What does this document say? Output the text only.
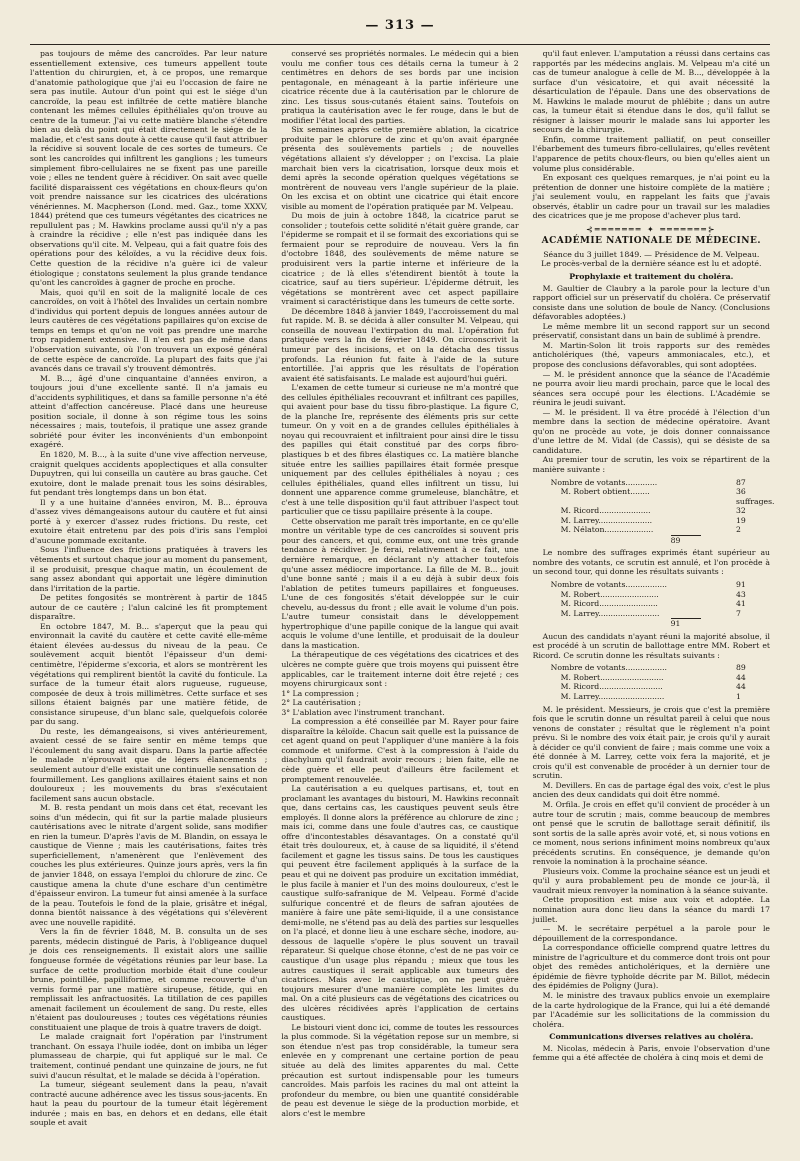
— 313 —

pas toujours de même des cancroïdes. Par leur nature essentiellement extensive, ces tumeurs appellent toute l'attention du chirurgien, et, à ce propos, une remarque d'anatomie pathologique que j'ai eu l'occasion de faire ne sera pas inutile. Autour d'un point qui est le siége d'un cancroïde, la peau est infiltrée de cette matière blanche contenant les mêmes cellules épithéliales qu'on trouve au centre de la tumeur. J'ai vu cette matière blanche s'étendre bien au delà du point qui était directement le siége de la maladie, et c'est sans doute à cette cause qu'il faut attribuer la récidive si souvent locale de ces sortes de tumeurs. Ce sont les cancroïdes qui infiltrent les ganglions ; les tumeurs simplement fibro-cellulaires ne se fixent pas une pareille voie ; elles ne tendent guère à récidiver. On sait avec quelle facilité disparaissent ces végétations en choux-fleurs qu'on voit prendre naissance sur les cicatrices des ulcérations vénériennes. M. Macpherson (Lond. med. Gaz., tome XXXV, 1844) prétend que ces tumeurs végétantes des cicatrices ne repullulent pas ; M. Hawkins proclame aussi qu'il n'y a pas à craindre la récidive ; elle n'est pas indiquée dans les observations qu'il cite. M. Velpeau, qui a fait quatre fois des opérations pour des kéloïdes, a vu la récidive deux fois. Cette question de la récidive n'a guère ici de valeur étiologique ; constatons seulement la plus grande tendance qu'ont les cancroïdes à gagner de proche en proche.

Mais, quoi qu'il en soit de la malignité locale de ces cancroïdes, on voit à l'hôtel des Invalides un certain nombre d'individus qui portent depuis de longues années autour de leurs cautères de ces végétations papillaires qu'on excise de temps en temps et qu'on ne voit pas prendre une marche trop rapidement extensive. Il n'en est pas de même dans l'observation suivante, où l'on trouvera un exposé général de cette espèce de cancroïde. La plupart des faits que j'ai avancés dans ce travail s'y trouvent démontrés.

M. B..., âgé d'une cinquantaine d'années environ, a toujours joui d'une excellente santé. Il n'a jamais eu d'accidents syphilitiques, et dans sa famille personne n'a été atteint d'affection cancéreuse. Placé dans une heureuse position sociale, il donne à son régime tous les soins nécessaires ; mais, toutefois, il pratique une assez grande sobriété pour éviter les inconvénients d'un embonpoint exagéré.

En 1820, M. B..., à la suite d'une vive affection nerveuse, craignit quelques accidents apoplectiques et alla consulter Dupuytren, qui lui conseilla un cautère au bras gauche. Cet exutoire, dont le malade prenait tous les soins désirables, fut pendant très longtemps dans un bon état.

Il y a une huitaine d'années environ, M. B... éprouva d'assez vives démangeaisons autour du cautère et fut ainsi porté à y exercer d'assez rudes frictions. Du reste, cet exutoire était entretenu par des pois d'iris sans l'emploi d'aucune pommade excitante.

Sous l'influence des frictions pratiquées à travers les vêtements et surtout chaque jour au moment du pansement, il se produisit, presque chaque matin, un écoulement de sang assez abondant qui apportait une légère diminution dans l'irritation de la partie.

De petites fongosités se montrèrent à partir de 1845 autour de ce cautère ; l'alun calciné les fit promptement disparaître.

En octobre 1847, M. B... s'aperçut que la peau qui environnait la cavité du cautère et cette cavité elle-même étaient élevées au-dessus du niveau de la peau. Ce soulèvement acquit bientôt l'épaisseur d'un demi-centimètre, l'épiderme s'excoria, et alors se montrèrent les végétations qui remplirent bientôt la cavité du fonticule. La surface de la tumeur était alors rugueuse, rugueuse, composée de deux à trois millimètres. Cette surface et ses sillons étaient baignés par une matière fétide, de consistance sirupeuse, d'un blanc sale, quelquefois colorée par du sang.

Du reste, les démangeaisons, si vives antérieurement, avaient cessé de se faire sentir en même temps que l'écoulement du sang avait disparu. Dans la partie affectée le malade n'éprouvait que de légers élancements ; seulement autour d'elle existait une continuelle sensation de fourmillement. Les ganglions axillaires étaient sains et non douloureux ; les mouvements du bras s'exécutaient facilement sans aucun obstacle.

M. B. resta pendant un mois dans cet état, recevant les soins d'un médecin, qui fit sur la partie malade plusieurs cautérisations avec le nitrate d'argent solide, sans modifier en rien la tumeur. D'après l'avis de M. Blandin, on essaya le caustique de Vienne ; mais les cautérisations, faites très superficiellement, n'amenèrent que l'enlèvement des couches les plus extérieures. Quinze jours après, vers la fin de janvier 1848, on essaya l'emploi du chlorure de zinc. Ce caustique amena la chute d'une eschare d'un centimètre d'épaisseur environ. La tumeur fut ainsi amenée à la surface de la peau. Toutefois le fond de la plaie, grisâtre et inégal, donna bientôt naissance à des végétations qui s'élevèrent avec une nouvelle rapidité.

Vers la fin de février 1848, M. B. consulta un de ses parents, médecin distingué de Paris, à l'obligeance duquel je dois ces renseignements. Il existait alors une saillie fongueuse formée de végétations réunies par leur base. La surface de cette production morbide était d'une couleur brune, pointillée, papilliforme, et comme recouverte d'un vernis formé par une matière sirupeuse, fétide, qui en remplissait les anfractuosités. La titillation de ces papilles amenait facilement un écoulement de sang. Du reste, elles n'étaient pas douloureuses ; toutes ces végétations réunies constituaient une plaque de trois à quatre travers de doigt.

Le malade craignait fort l'opération par l'instrument tranchant. On essaya l'huile iodée, dont on imbiba un léger plumasseau de charpie, qui fut appliqué sur le mal. Ce traitement, continué pendant une quinzaine de jours, ne fut suivi d'aucun résultat, et le malade se décida à l'opération.

La tumeur, siégeant seulement dans la peau, n'avait contracté aucune adhérence avec les tissus sous-jacents. En haut la peau du pourtour de la tumeur était légèrement indurée ; mais en bas, en dehors et en dedans, elle était souple et avait

conservé ses propriétés normales. Le médecin qui a bien voulu me confier tous ces détails cerna la tumeur à 2 centimètres en dehors de ses bords par une incision pentagonale, en ménageant à la partie inférieure une cicatrice récente due à la cautérisation par le chlorure de zinc. Les tissus sous-cutanés étaient sains. Toutefois on pratiqua la cautérisation avec le fer rouge, dans le but de modifier l'état local des parties.

Six semaines après cette première ablation, la cicatrice produite par le chlorure de zinc et qu'on avait épargnée présenta des soulèvements partiels ; de nouvelles végétations allaient s'y développer ; on l'excisa. La plaie marchait bien vers la cicatrisation, lorsque deux mois et demi après la seconde opération quelques végétations se montrèrent de nouveau vers l'angle supérieur de la plaie. On les excisa et on obtint une cicatrice qui était encore visible au moment de l'opération pratiquée par M. Velpeau.

Du mois de juin à octobre 1848, la cicatrice parut se consolider ; toutefois cette solidité n'était guère grande, car l'épiderme se rompait et il se formait des excoriations qui se fermaient pour se reproduire de nouveau. Vers la fin d'octobre 1848, des soulèvements de même nature se produisirent vers la partie interne et inférieure de la cicatrice ; de là elles s'étendirent bientôt à toute la cicatrice, sauf au tiers supérieur. L'épiderme détruit, les végétations se montrèrent avec cet aspect papillaire vraiment si caractéristique dans les tumeurs de cette sorte.

De décembre 1848 à janvier 1849, l'accroissement du mal fut rapide. M. B. se décida à aller consulter M. Velpeau, qui conseilla de nouveau l'extirpation du mal. L'opération fut pratiquée vers la fin de février 1849. On circonscrivit la tumeur par des incisions, et on la détacha des tissus profonds. La réunion fut faite à l'aide de la suture entortillée. J'ai appris que les résultats de l'opération avaient été satisfaisants. Le malade est aujourd'hui guéri.

L'examen de cette tumeur si curieuse ne m'a montré que des cellules épithéliales recouvrant et infiltrant ces papilles, qui avaient pour base du tissu fibro-plastique. La figure C, de la planche Ire, représente des éléments pris sur cette tumeur. On y voit en a de grandes cellules épithéliales à noyau qui recouvraient et infiltraient pour ainsi dire le tissu des papilles qui était constitué par des corps fibro-plastiques b et des fibres élastiques cc. La matière blanche située entre les saillies papillaires était formée presque uniquement par des cellules épithéliales à noyau ; ces cellules épithéliales, quand elles infiltrent un tissu, lui donnent une apparence comme grumeleuse, blanchâtre, et c'est à une telle disposition qu'il faut attribuer l'aspect tout particulier que ce tissu papillaire présente à la coupe.

Cette observation me paraît très importante, en ce qu'elle montre un véritable type de ces cancroïdes si souvent pris pour des cancers, et qui, comme eux, ont une très grande tendance à récidiver. Je ferai, relativement à ce fait, une dernière remarque, en déclarant n'y attacher toutefois qu'une assez médiocre importance. La fille de M. B... jouit d'une bonne santé ; mais il a eu déjà à subir deux fois l'ablation de petites tumeurs papillaires et fongueuses. L'une de ces fongosités s'était développée sur le cuir chevelu, au-dessus du front ; elle avait le volume d'un pois. L'autre tumeur consistait dans le développement hypertrophique d'une papille conique de la langue qui avait acquis le volume d'une lentille, et produisait de la douleur dans la mastication.

La thérapeutique de ces végétations des cicatrices et des ulcères ne compte guère que trois moyens qui puissent être applicables, car le traitement interne doit être rejeté ; ces moyens chirurgicaux sont :

1° La compression ;

2° La cautérisation ;

3° L'ablation avec l'instrument tranchant.

La compression a été conseillée par M. Rayer pour faire disparaître la kéloïde. Chacun sait quelle est la puissance de cet agent quand on peut l'appliquer d'une manière à la fois commode et uniforme. C'est à la compression à l'aide du diachylum qu'il faudrait avoir recours ; bien faite, elle ne cède guère et elle peut d'ailleurs être facilement et promptement renouvelée.

La cautérisation a eu quelques partisans, et, tout en proclamant les avantages du bistouri, M. Hawkins reconnaît que, dans certains cas, les caustiques peuvent seuls être employés. Il donne alors la préférence au chlorure de zinc ; mais ici, comme dans une foule d'autres cas, ce caustique offre d'incontestables désavantages. On a constaté qu'il était très douloureux, et, à cause de sa liquidité, il s'étend facilement et gagne les tissus sains. De tous les caustiques qui peuvent être facilement appliqués à la surface de la peau et qui ne doivent pas produire un excitation immédiat, le plus facile à manier et l'un des moins douloureux, c'est le caustique sulfo-safranique de M. Velpeau. Formé d'acide sulfurique concentré et de fleurs de safran ajoutées de manière à faire une pâte semi-liquide, il a une consistance demi-molle, ne s'étend pas au delà des parties sur lesquelles on l'a placé, et donne lieu à une eschare sèche, inodore, au-dessous de laquelle s'opère le plus souvent un travail réparateur. Si quelque chose étonne, c'est de ne pas voir ce caustique d'un usage plus répandu ; mieux que tous les autres caustiques il serait applicable aux tumeurs des cicatrices. Mais avec le caustique, on ne peut guère toujours mesurer d'une manière complète les limites du mal. On a cité plusieurs cas de végétations des cicatrices ou des ulcères récidivées après l'application de certains caustiques.

Le bistouri vient donc ici, comme de toutes les ressources la plus commode. Si la végétation repose sur un membre, si son étendue n'est pas trop considérable, la tumeur sera enlevée en y comprenant une certaine portion de peau située au delà des limites apparentes du mal. Cette précaution est surtout indispensable pour les tumeurs cancroïdes. Mais parfois les racines du mal ont atteint la profondeur du membre, ou bien une quantité considérable de peau est devenue le siège de la production morbide, et alors c'est le membre

qu'il faut enlever. L'amputation a réussi dans certains cas rapportés par les médecins anglais. M. Velpeau m'a cité un cas de tumeur analogue à celle de M. B..., développée à la surface d'un vésicatoire, et qui avait nécessité la désarticulation de l'épaule. Dans une des observations de M. Hawkins le malade mourut de phlébite ; dans un autre cas, la tumeur était si étendue dans le dos, qu'il fallut se résigner à laisser mourir le malade sans lui apporter les secours de la chirurgie.

Enfin, comme traitement palliatif, on peut conseiller l'ébarbement des tumeurs fibro-cellulaires, qu'elles revêtent l'apparence de petits choux-fleurs, ou bien qu'elles aient un volume plus considérable.

En exposant ces quelques remarques, je n'ai point eu la prétention de donner une histoire complète de la matière ; j'ai seulement voulu, en rappelant les faits que j'avais observés, établir un cadre pour un travail sur les maladies des cicatrices que je me propose d'achever plus tard.

⊰═══════ ✦ ═══════⊱
ACADÉMIE NATIONALE DE MÉDECINE.

Séance du 3 juillet 1849. — Présidence de M. Velpeau.

Le procès-verbal de la dernière séance est lu et adopté.

Prophylaxie et traitement du choléra.

M. Gaultier de Claubry a la parole pour la lecture d'un rapport officiel sur un préservatif du choléra. Ce préservatif consiste dans une solution de boule de Nancy. (Conclusions défavorables adoptées.)

Le même membre lit un second rapport sur un second préservatif, consistant dans un bain de sublimé à prendre.

M. Martin-Solon lit trois rapports sur des remèdes anticholériques (thé, vapeurs ammoniacales, etc.), et propose des conclusions défavorables, qui sont adoptées.

— M. le président annonce que la séance de l'Académie ne pourra avoir lieu mardi prochain, parce que le local des séances sera occupé pour les élections. L'Académie se réunira le jeudi suivant.

— M. le président. Il va être procédé à l'élection d'un membre dans la section de médecine opératoire. Avant qu'on ne procède au vote, je dois donner connaissance d'une lettre de M. Vidal (de Cassis), qui se désiste de sa candidature.

Au premier tour de scrutin, les voix se répartirent de la manière suivante :

Nombre de votants.............	87
M. Robert obtient........	36 suffrages.
M. Ricord.....................	32
M. Larrey......................	19
M. Nélaton....................	2
89

Le nombre des suffrages exprimés étant supérieur au nombre des votants, ce scrutin est annulé, et l'on procède à un second tour, qui donne les résultats suivants :

Nombre de votants.................	91
M. Robert........................	43
M. Ricord........................	41
M. Larrey.........................	7
91

Aucun des candidats n'ayant réuni la majorité absolue, il est procédé à un scrutin de ballottage entre MM. Robert et Ricord. Ce scrutin donne les résultats suivants :

Nombre de votants.................	89
M. Robert..........................	44
M. Ricord..........................	44
M. Larrey...........................	1

M. le président. Messieurs, je crois que c'est la première fois que le scrutin donne un résultat pareil à celui que nous venons de constater ; résultat que le règlement n'a point prévu. Si le nombre des voix était pair, je crois qu'il y aurait à décider ce qu'il convient de faire ; mais comme une voix a été donnée à M. Larrey, cette voix fera la majorité, et je crois qu'il est convenable de procéder à un dernier tour de scrutin.

M. Devillers. En cas de partage égal des voix, c'est le plus ancien des deux candidats qui doit être nommé.

M. Orfila. Je crois en effet qu'il convient de procéder à un autre tour de scrutin ; mais, comme beaucoup de membres ont pensé que le scrutin de ballottage serait définitif, ils sont sortis de la salle après avoir voté, et, si nous votions en ce moment, nous serions infiniment moins nombreux qu'aux précédents scrutins. En conséquence, je demande qu'on renvoie la nomination à la prochaine séance.

Plusieurs voix. Comme la prochaine séance est un jeudi et qu'il y aura probablement peu de monde ce jour-là, il vaudrait mieux renvoyer la nomination à la séance suivante.

Cette proposition est mise aux voix et adoptée. La nomination aura donc lieu dans la séance du mardi 17 juillet.

— M. le secrétaire perpétuel a la parole pour le dépouillement de la correspondance.

La correspondance officielle comprend quatre lettres du ministre de l'agriculture et du commerce dont trois ont pour objet des remèdes anticholériques, et la dernière une épidémie de fièvre typhoïde décrite par M. Billot, médecin des épidémies de Poligny (Jura).

M. le ministre des travaux publics envoie un exemplaire de la carte hydrologique de la France, qui lui a été demandé par l'Académie sur les sollicitations de la commission du choléra.

Communications diverses relatives au choléra.

M. Nicolas, médecin à Paris, envoie l'observation d'une femme qui a été affectée de choléra à cinq mois et demi de
